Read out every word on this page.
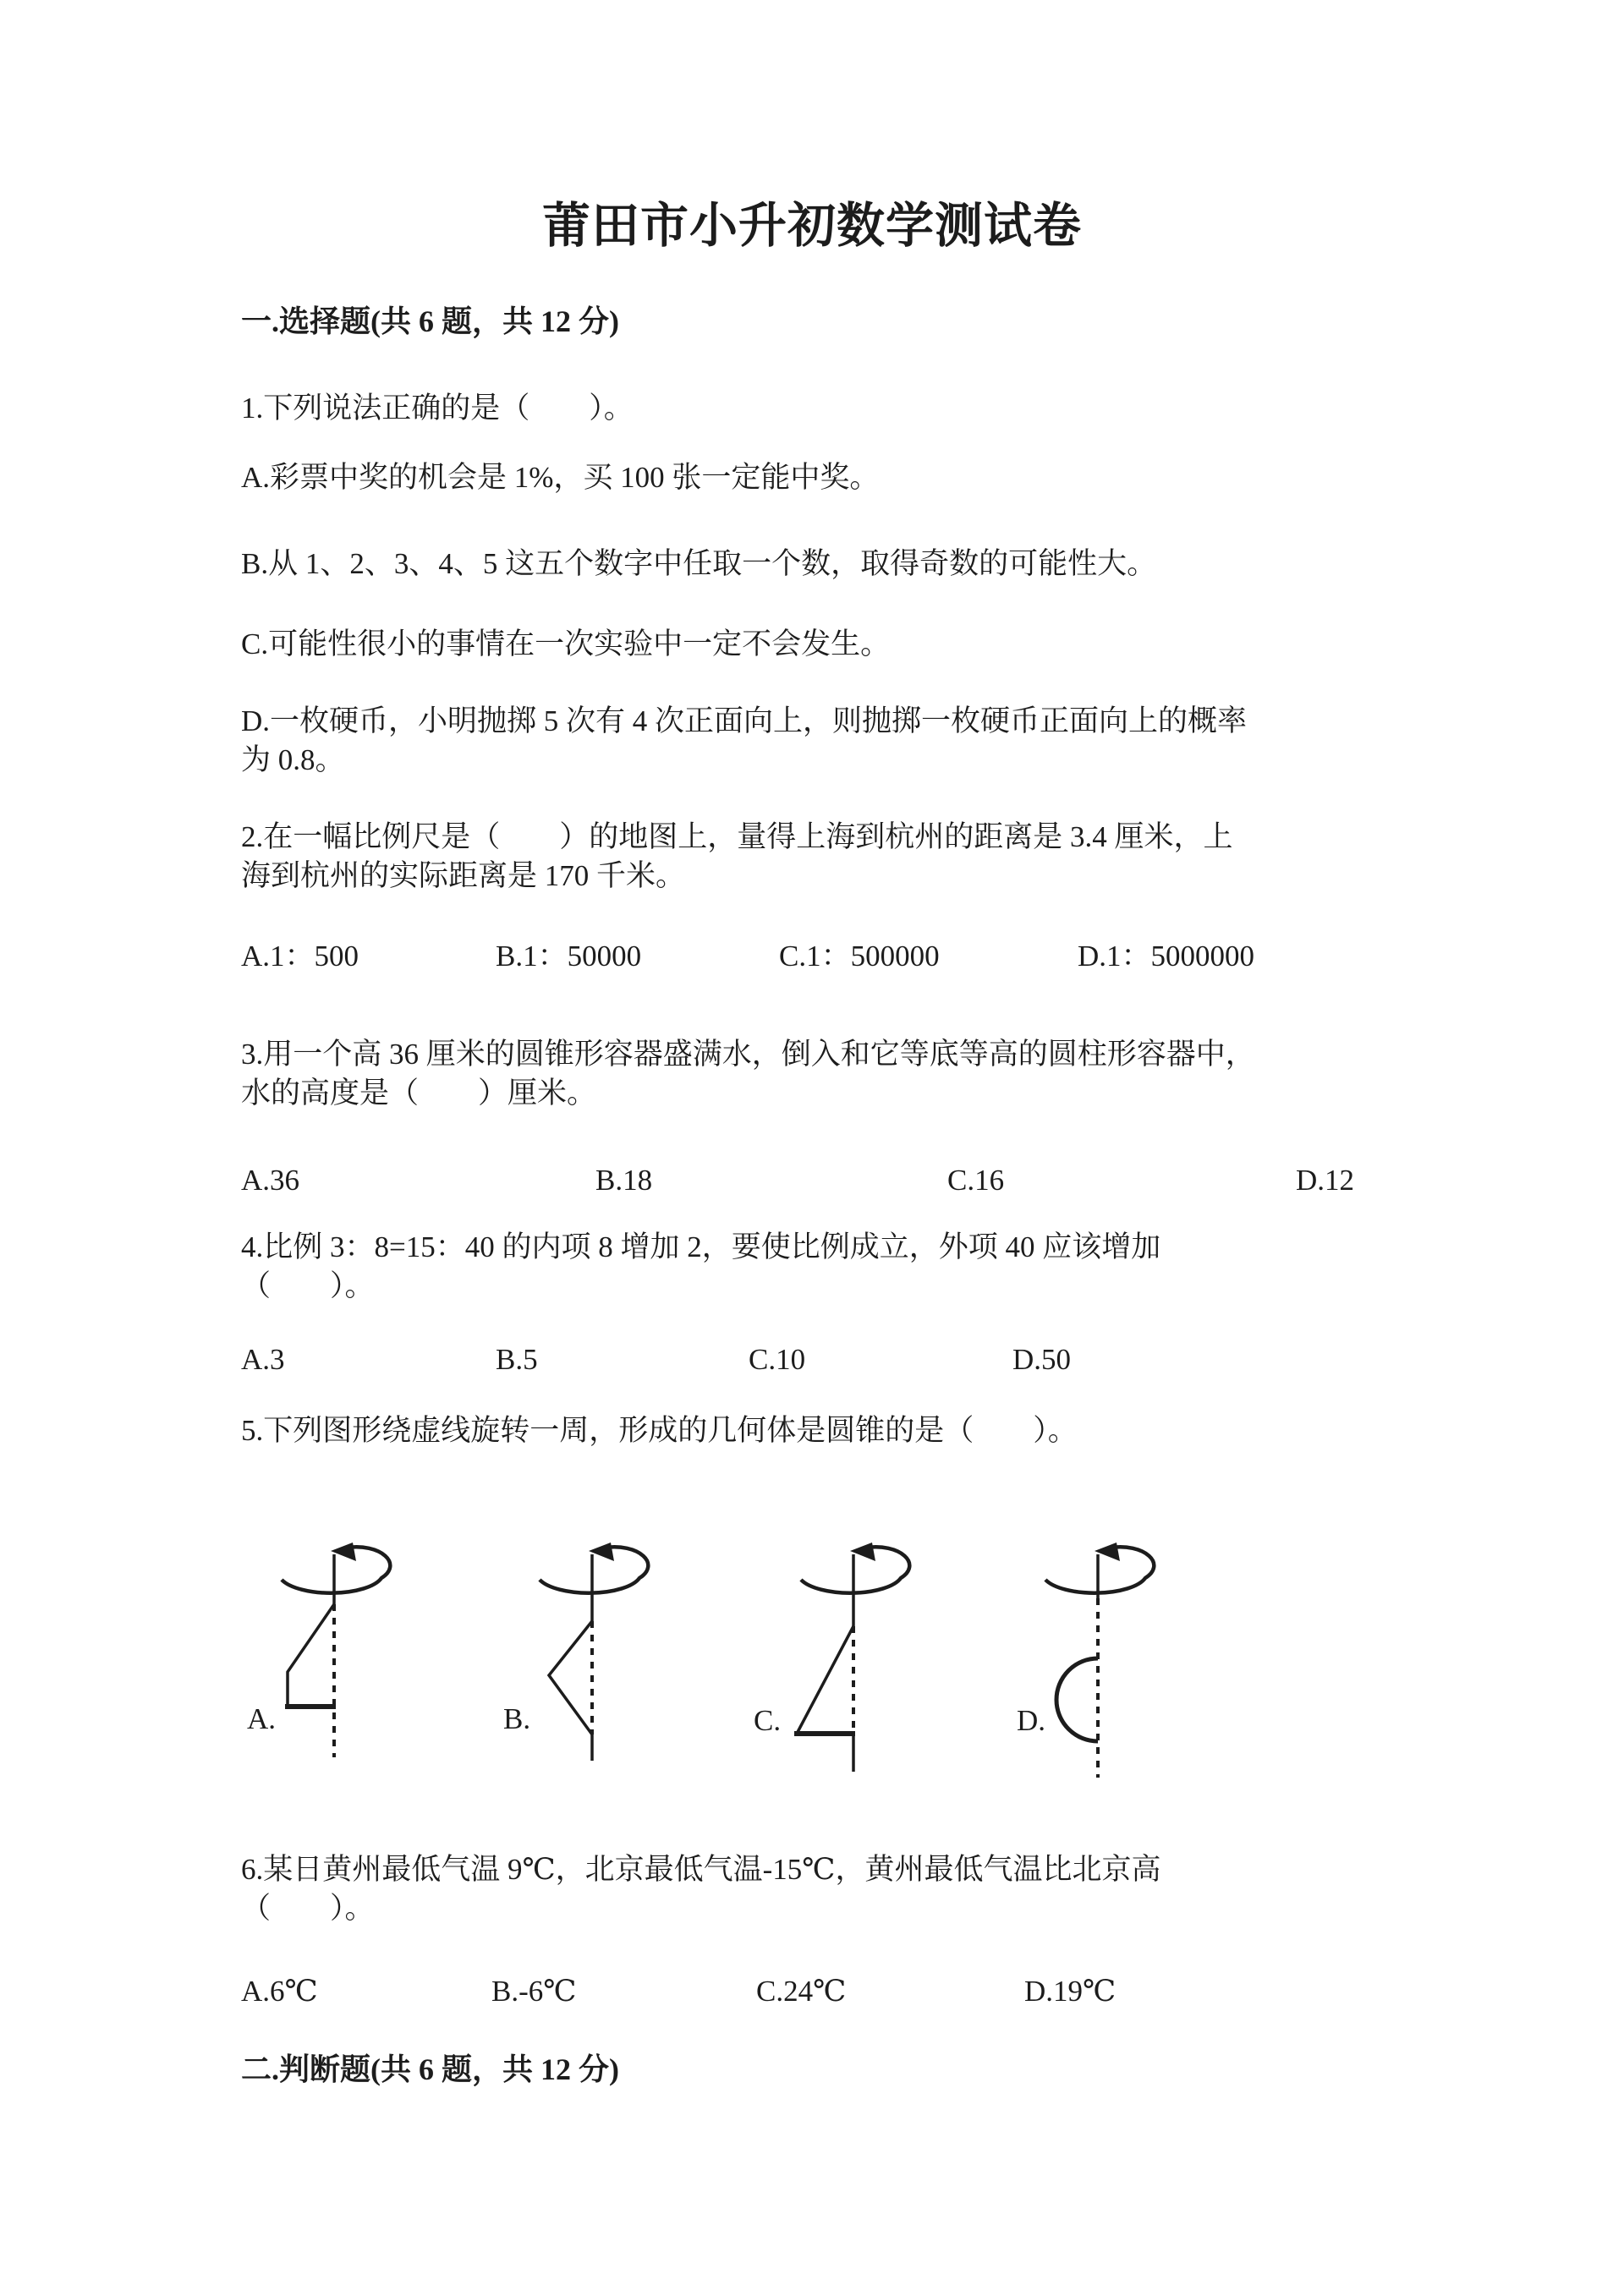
莆田市小升初数学测试卷
一.选择题(共 6 题，共 12 分)
1.下列说法正确的是（　　）。
A.彩票中奖的机会是 1%，买 100 张一定能中奖。
B.从 1、2、3、4、5 这五个数字中任取一个数，取得奇数的可能性大。
C.可能性很小的事情在一次实验中一定不会发生。
D.一枚硬币，小明抛掷 5 次有 4 次正面向上，则抛掷一枚硬币正面向上的概率
为 0.8。
2.在一幅比例尺是（　　）的地图上，量得上海到杭州的距离是 3.4 厘米，上
海到杭州的实际距离是 170 千米。
A.1：500	B.1：50000	C.1：500000	D.1：5000000
3.用一个高 36 厘米的圆锥形容器盛满水，倒入和它等底等高的圆柱形容器中，
水的高度是（　　）厘米。
A.36	B.18	C.16	D.12
4.比例 3：8=15：40 的内项 8 增加 2，要使比例成立，外项 40 应该增加
（　　）。
A.3	B.5	C.10	D.50
5.下列图形绕虚线旋转一周，形成的几何体是圆锥的是（　　）。
A.	B.	C.	D.
6.某日黄州最低气温 9℃，北京最低气温-15℃，黄州最低气温比北京高
（　　）。
A.6℃	B.-6℃	C.24℃	D.19℃
二.判断题(共 6 题，共 12 分)
